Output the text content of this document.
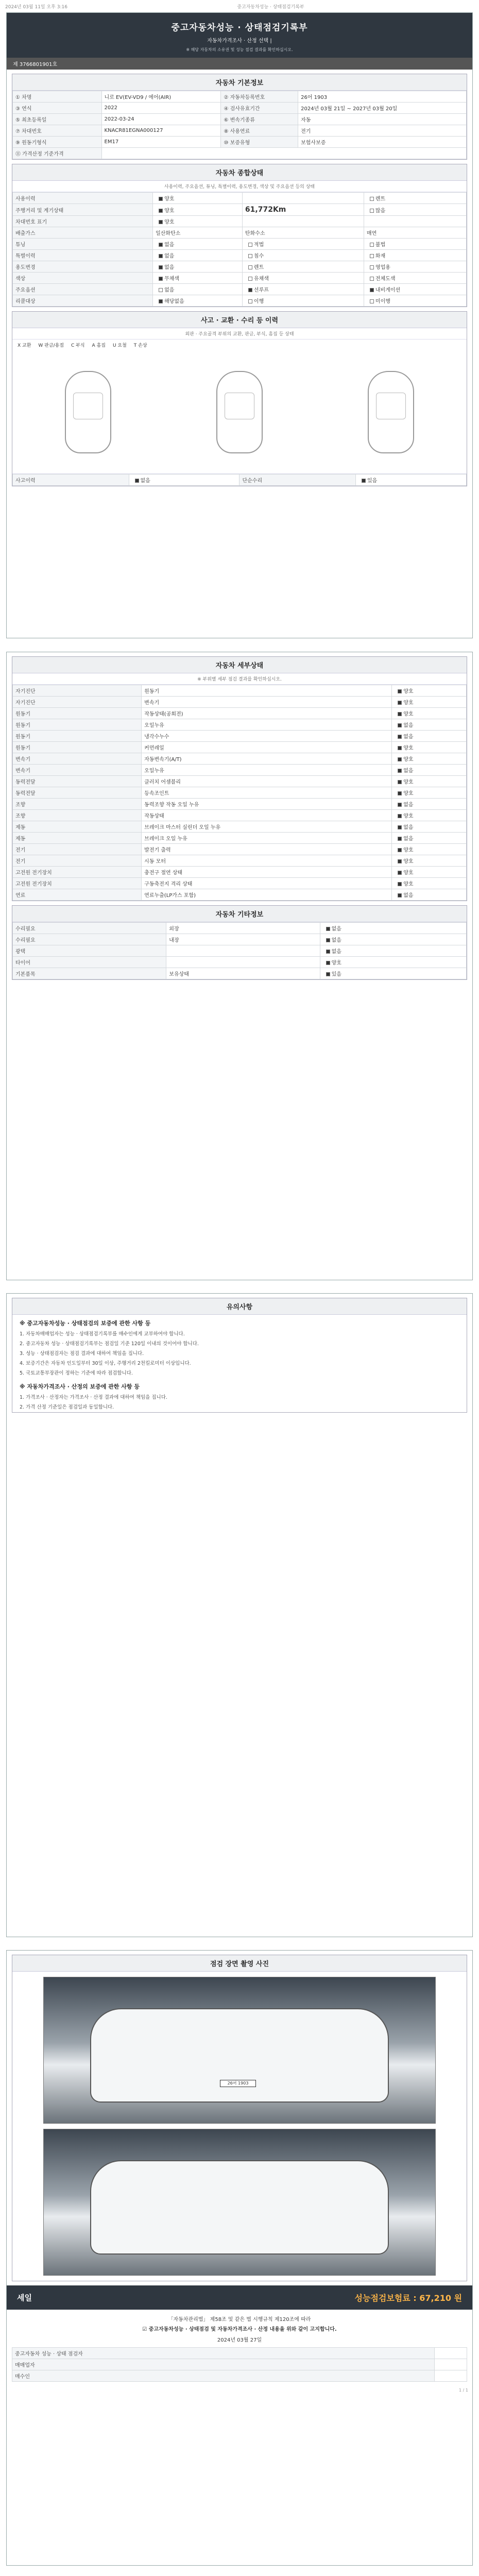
2024년 03월 11일 오후 3:16	중고자동차성능 · 상태점검기록부
중고자동차성능 · 상태점검기록부
자동차가격조사 · 산정 선택 |
※ 해당 자동차의 소유권 및 성능 점검 결과를 확인하십시오.
제 3766801901호
자동차 기본정보
① 차명	니로 EV(EV-VD9 / 에어(AIR)	② 자동차등록번호	26어 1903
③ 연식	2022	④ 검사유효기간	2024년 03월 21일 ~ 2027년 03월 20일
⑤ 최초등록일	2022-03-24	⑥ 변속기종류	자동
⑦ 차대번호	KNACR81EGNA000127	⑧ 사용연료	전기
⑨ 원동기형식	EM17	⑩ 보증유형	보험사보증
⑪ 가격산정 기준가격			
자동차 종합상태
사용이력, 주요옵션, 튜닝, 특별이력, 용도변경, 색상 및 주요옵션 등의 상태
사용이력	양호		렌트
주행거리 및 계기상태	양호	61,772Km	많음
차대번호 표기	양호		
배출가스	일산화탄소	탄화수소	매연
튜닝	없음	적법	불법
특별이력	없음	침수	화재
용도변경	없음	렌트	영업용
색상	무채색	유채색	전체도색
주요옵션	없음	선루프	내비게이션
리콜대상	해당없음	이행	미이행
사고 · 교환 · 수리 등 이력
외판 · 주요골격 부위의 교환, 판금, 부식, 흠집 등 상태
X 교환 W 판금/용접 C 부식 A 흠집 U 요철 T 손상
사고이력	없음	단순수리	있음
자동차 세부상태
※ 부위별 세부 점검 결과를 확인하십시오.
자기진단	원동기	양호
자기진단	변속기	양호
원동기	작동상태(공회전)	양호
원동기	오일누유	없음
원동기	냉각수누수	없음
원동기	커먼레일	양호
변속기	자동변속기(A/T)	양호
변속기	오일누유	없음
동력전달	클러치 어셈블리	양호
동력전달	등속조인트	양호
조향	동력조향 작동 오일 누유	없음
조향	작동상태	양호
제동	브레이크 마스터 실린더 오일 누유	없음
제동	브레이크 오일 누유	없음
전기	발전기 출력	양호
전기	시동 모터	양호
고전원 전기장치	충전구 절연 상태	양호
고전원 전기장치	구동축전지 격리 상태	양호
연료	연료누출(LP가스 포함)	없음
자동차 기타정보
수리필요	외장	없음
수리필요	내장	없음
광택		없음
타이어		양호
기본품목	보유상태	있음
유의사항
※ 중고자동차성능 · 상태점검의 보증에 관한 사항 등

1. 자동차매매업자는 성능 · 상태점검기록부를 매수인에게 교부하여야 합니다.

2. 중고자동차 성능 · 상태점검기록부는 점검일 기준 120일 이내의 것이어야 합니다.

3. 성능 · 상태점검자는 점검 결과에 대하여 책임을 집니다.

4. 보증기간은 자동차 인도일부터 30일 이상, 주행거리 2천킬로미터 이상입니다.

5. 국토교통부장관이 정하는 기준에 따라 점검합니다.

※ 자동차가격조사 · 산정의 보증에 관한 사항 등

1. 가격조사 · 산정자는 가격조사 · 산정 결과에 대하여 책임을 집니다.

2. 가격 산정 기준일은 점검일과 동일합니다.

점검 장면 촬영 사진
26어 1903
세일	성능점검보험료 : 67,210 원
「자동차관리법」 제58조 및 같은 법 시행규칙 제120조에 따라
☑ 중고자동차성능 · 상태점검 및 자동차가격조사 · 산정 내용을 위와 같이 고지합니다.
2024년 03월 27일
중고자동차 성능 · 상태 점검자	
매매업자	
매수인	
1 / 1
